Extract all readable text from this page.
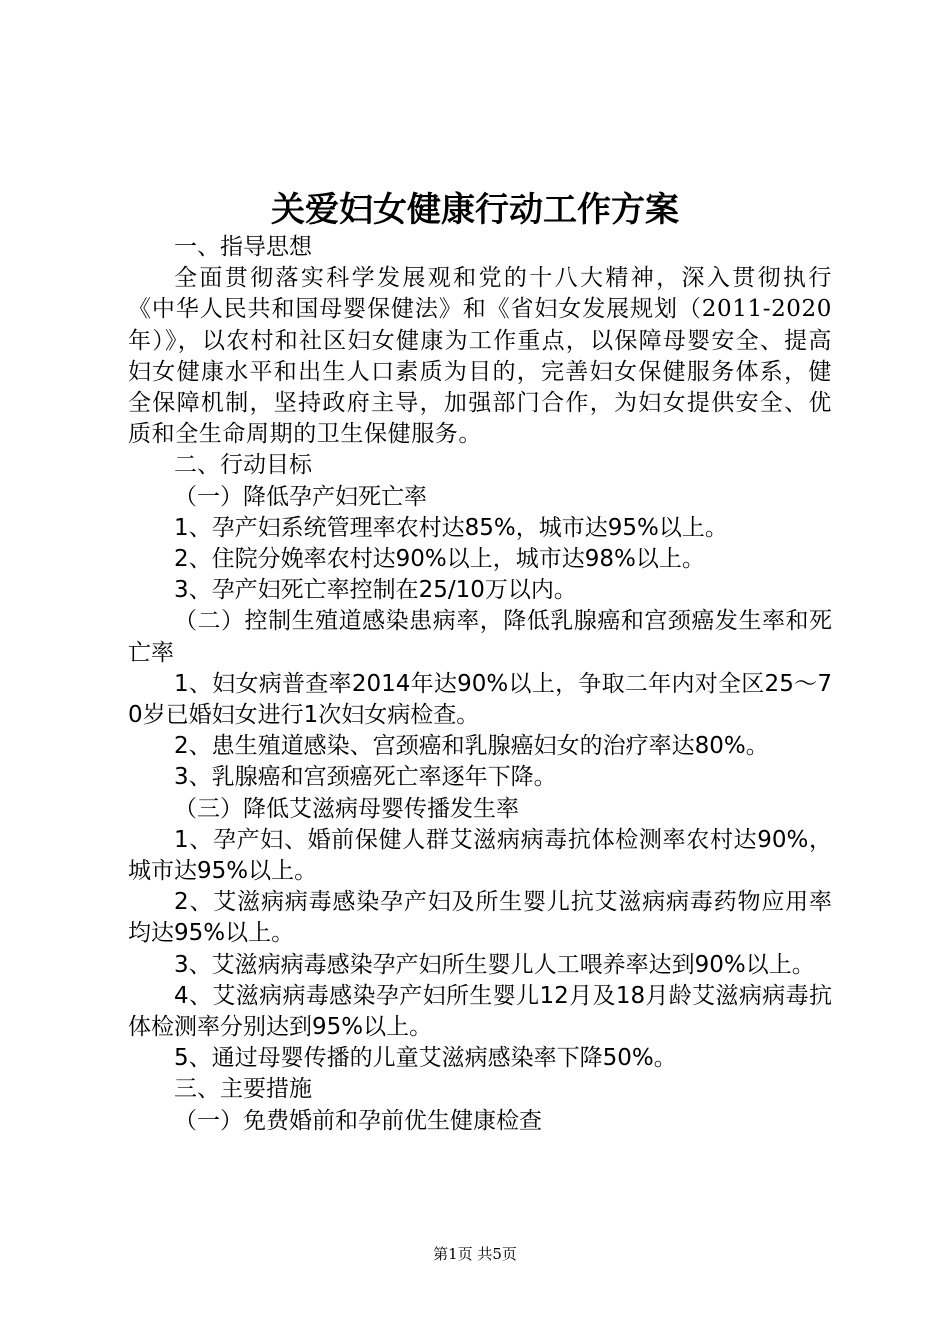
关爱妇女健康行动工作方案

一、指导思想

全面贯彻落实科学发展观和党的十八大精神，深入贯彻执行《中华人民共和国母婴保健法》和《省妇女发展规划（2011-2020年）》，以农村和社区妇女健康为工作重点，以保障母婴安全、提高妇女健康水平和出生人口素质为目的，完善妇女保健服务体系，健全保障机制，坚持政府主导，加强部门合作，为妇女提供安全、优质和全生命周期的卫生保健服务。

二、行动目标

（一）降低孕产妇死亡率

1、孕产妇系统管理率农村达85%，城市达95%以上。

2、住院分娩率农村达90%以上，城市达98%以上。

3、孕产妇死亡率控制在25/10万以内。

（二）控制生殖道感染患病率，降低乳腺癌和宫颈癌发生率和死亡率

1、妇女病普查率2014年达90%以上，争取二年内对全区25～70岁已婚妇女进行1次妇女病检查。

2、患生殖道感染、宫颈癌和乳腺癌妇女的治疗率达80%。

3、乳腺癌和宫颈癌死亡率逐年下降。

（三）降低艾滋病母婴传播发生率

1、孕产妇、婚前保健人群艾滋病病毒抗体检测率农村达90%，城市达95%以上。

2、艾滋病病毒感染孕产妇及所生婴儿抗艾滋病病毒药物应用率均达95%以上。

3、艾滋病病毒感染孕产妇所生婴儿人工喂养率达到90%以上。

4、艾滋病病毒感染孕产妇所生婴儿12月及18月龄艾滋病病毒抗体检测率分别达到95%以上。

5、通过母婴传播的儿童艾滋病感染率下降50%。

三、主要措施

（一）免费婚前和孕前优生健康检查

第1页 共5页
